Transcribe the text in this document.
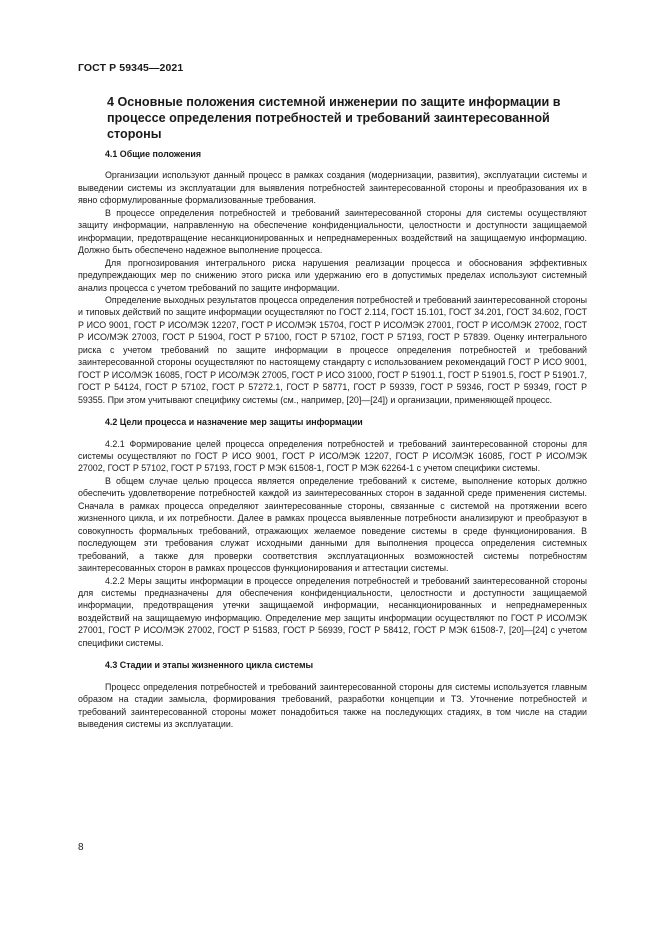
ГОСТ Р 59345—2021
4 Основные положения системной инженерии по защите информации в процессе определения потребностей и требований заинтересованной стороны

4.1 Общие положения

Организации используют данный процесс в рамках создания (модернизации, развития), эксплуатации системы и выведении системы из эксплуатации для выявления потребностей заинтересованной стороны и преобразования их в явно сформулированные формализованные требования.

В процессе определения потребностей и требований заинтересованной стороны для системы осуществляют защиту информации, направленную на обеспечение конфиденциальности, целостности и доступности защищаемой информации, предотвращение несанкционированных и непреднамеренных воздействий на защищаемую информацию. Должно быть обеспечено надежное выполнение процесса.

Для прогнозирования интегрального риска нарушения реализации процесса и обоснования эффективных предупреждающих мер по снижению этого риска или удержанию его в допустимых пределах используют системный анализ процесса с учетом требований по защите информации.

Определение выходных результатов процесса определения потребностей и требований заинтересованной стороны и типовых действий по защите информации осуществляют по ГОСТ 2.114, ГОСТ 15.101, ГОСТ 34.201, ГОСТ 34.602, ГОСТ Р ИСО 9001, ГОСТ Р ИСО/МЭК 12207, ГОСТ Р ИСО/МЭК 15704, ГОСТ Р ИСО/МЭК 27001, ГОСТ Р ИСО/МЭК 27002, ГОСТ Р ИСО/МЭК 27003, ГОСТ Р 51904, ГОСТ Р 57100, ГОСТ Р 57102, ГОСТ Р 57193, ГОСТ Р 57839. Оценку интегрального риска с учетом требований по защите информации в процессе определения потребностей и требований заинтересованной стороны осуществляют по настоящему стандарту с использованием рекомендаций ГОСТ Р ИСО 9001, ГОСТ Р ИСО/МЭК 16085, ГОСТ Р ИСО/МЭК 27005, ГОСТ Р ИСО 31000, ГОСТ Р 51901.1, ГОСТ Р 51901.5, ГОСТ Р 51901.7, ГОСТ Р 54124, ГОСТ Р 57102, ГОСТ Р 57272.1, ГОСТ Р 58771, ГОСТ Р 59339, ГОСТ Р 59346, ГОСТ Р 59349, ГОСТ Р 59355. При этом учитывают специфику системы (см., например, [20]—[24]) и организации, применяющей процесс.

4.2 Цели процесса и назначение мер защиты информации

4.2.1 Формирование целей процесса определения потребностей и требований заинтересованной стороны для системы осуществляют по ГОСТ Р ИСО 9001, ГОСТ Р ИСО/МЭК 12207, ГОСТ Р ИСО/МЭК 16085, ГОСТ Р ИСО/МЭК 27002, ГОСТ Р 57102, ГОСТ Р 57193, ГОСТ Р МЭК 61508-1, ГОСТ Р МЭК 62264-1 с учетом специфики системы.

В общем случае целью процесса является определение требований к системе, выполнение которых должно обеспечить удовлетворение потребностей каждой из заинтересованных сторон в заданной среде применения системы. Сначала в рамках процесса определяют заинтересованные стороны, связанные с системой на протяжении всего жизненного цикла, и их потребности. Далее в рамках процесса выявленные потребности анализируют и преобразуют в совокупность формальных требований, отражающих желаемое поведение системы в среде функционирования. В последующем эти требования служат исходными данными для выполнения процесса определения системных требований, а также для проверки соответствия эксплуатационных возможностей системы потребностям заинтересованных сторон в рамках процессов функционирования и аттестации системы.

4.2.2 Меры защиты информации в процессе определения потребностей и требований заинтересованной стороны для системы предназначены для обеспечения конфиденциальности, целостности и доступности защищаемой информации, предотвращения утечки защищаемой информации, несанкционированных и непреднамеренных воздействий на защищаемую информацию. Определение мер защиты информации осуществляют по ГОСТ Р ИСО/МЭК 27001, ГОСТ Р ИСО/МЭК 27002, ГОСТ Р 51583, ГОСТ Р 56939, ГОСТ Р 58412, ГОСТ Р МЭК 61508-7, [20]—[24] с учетом специфики системы.

4.3 Стадии и этапы жизненного цикла системы

Процесс определения потребностей и требований заинтересованной стороны для системы используется главным образом на стадии замысла, формирования требований, разработки концепции и ТЗ. Уточнение потребностей и требований заинтересованной стороны может понадобиться также на последующих стадиях, в том числе на стадии выведения системы из эксплуатации.

8
